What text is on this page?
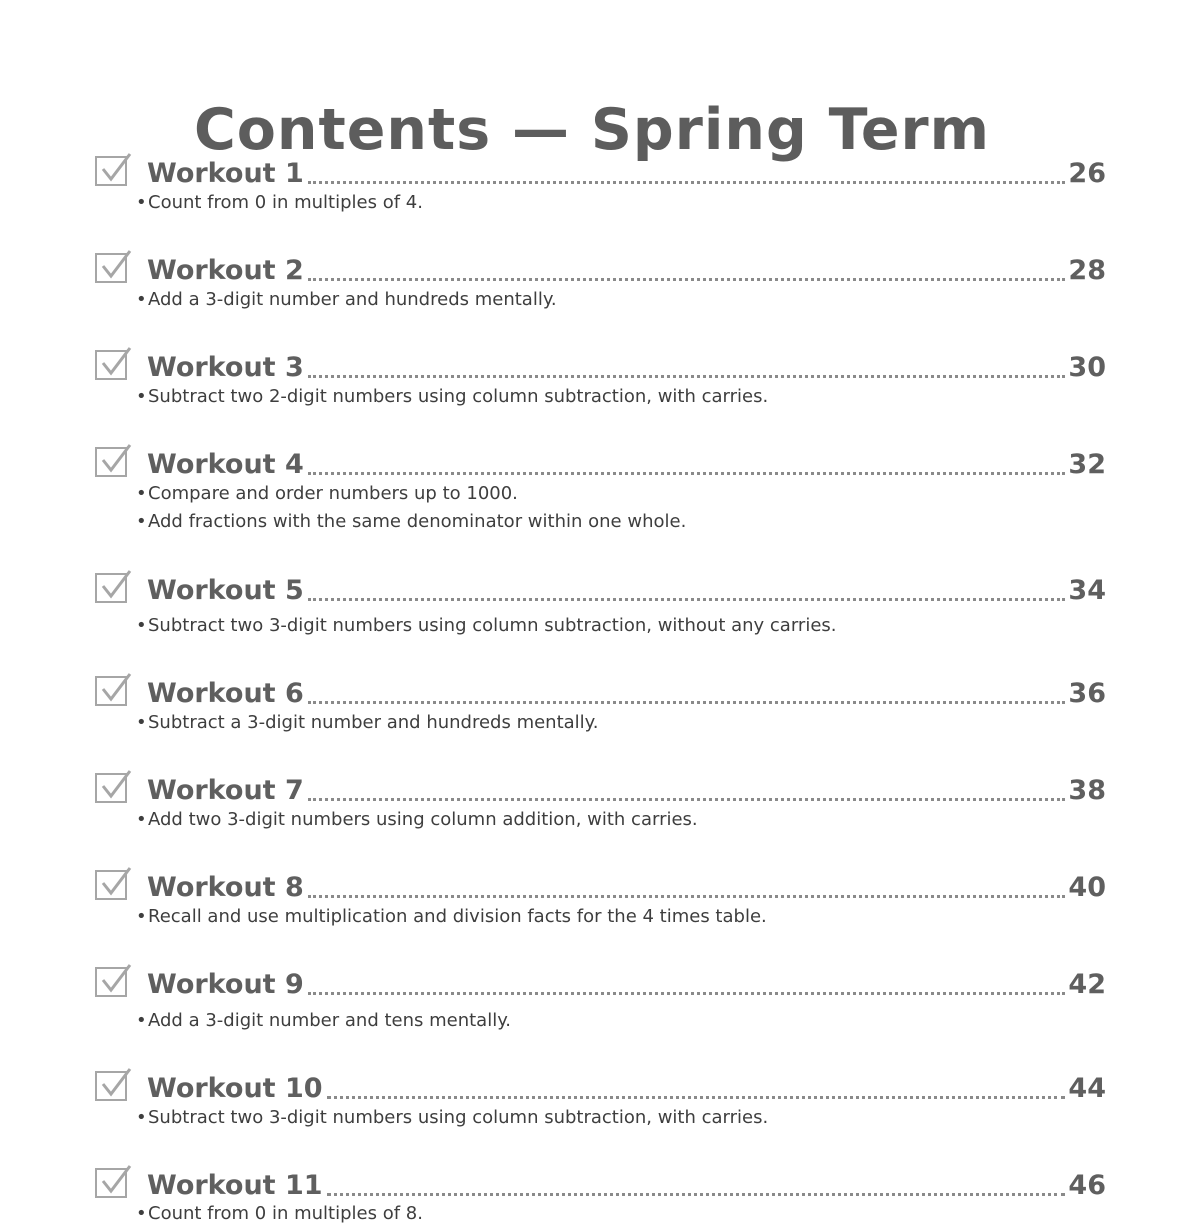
Contents — Spring Term
Workout 1	26
•Count from 0 in multiples of 4.
Workout 2	28
•Add a 3-digit number and hundreds mentally.
Workout 3	30
•Subtract two 2-digit numbers using column subtraction, with carries.
Workout 4	32
•Compare and order numbers up to 1000.
•Add fractions with the same denominator within one whole.
Workout 5	34
•Subtract two 3-digit numbers using column subtraction, without any carries.
Workout 6	36
•Subtract a 3-digit number and hundreds mentally.
Workout 7	38
•Add two 3-digit numbers using column addition, with carries.
Workout 8	40
•Recall and use multiplication and division facts for the 4 times table.
Workout 9	42
•Add a 3-digit number and tens mentally.
Workout 10	44
•Subtract two 3-digit numbers using column subtraction, with carries.
Workout 11	46
•Count from 0 in multiples of 8.
